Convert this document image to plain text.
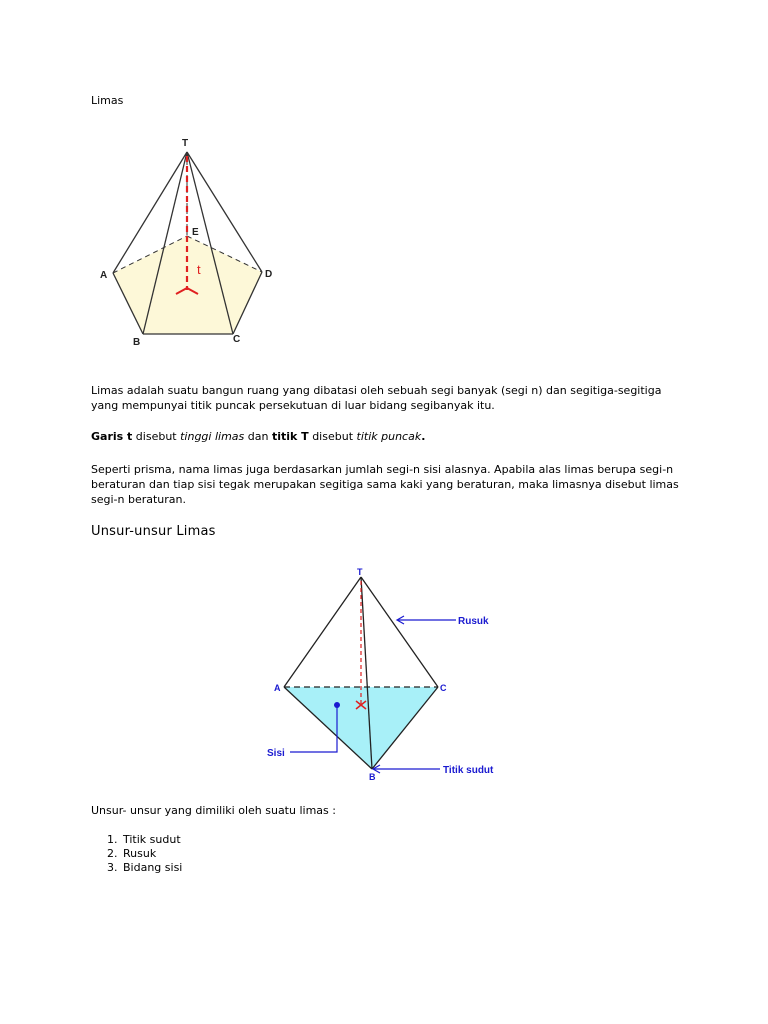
Limas
T
E
A	D
B	C
t
Limas adalah suatu bangun ruang yang dibatasi oleh sebuah segi banyak (segi n) dan segitiga-segitiga yang mempunyai titik puncak persekutuan di luar bidang segibanyak itu.
Garis t disebut tinggi limas dan titik T disebut titik puncak.
Seperti prisma, nama limas juga berdasarkan jumlah segi-n sisi alasnya. Apabila alas limas berupa segi-n beraturan dan tiap sisi tegak merupakan segitiga sama kaki yang beraturan, maka limasnya disebut limas segi-n beraturan.
Unsur-unsur Limas
Rusuk
Sisi
Titik sudut
T
A	C
B
Unsur- unsur yang dimiliki oleh suatu limas :
1. Titik sudut
2. Rusuk
3. Bidang sisi
